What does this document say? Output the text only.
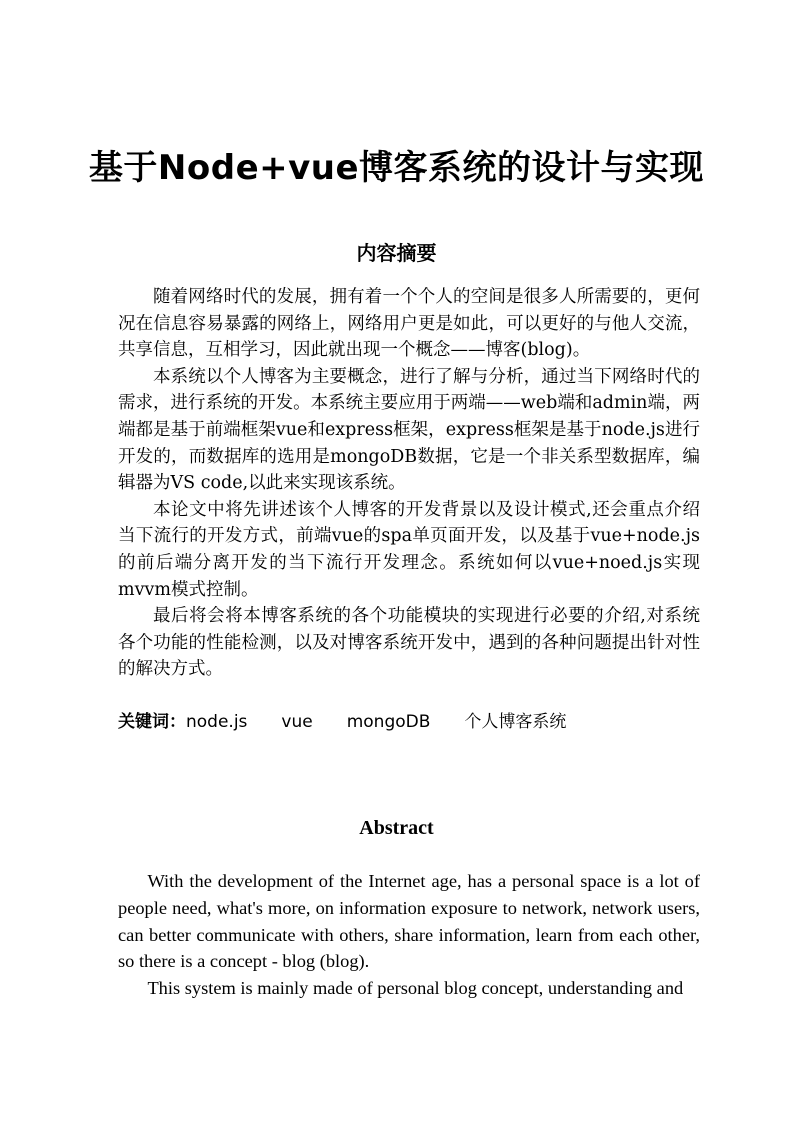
基于Node+vue博客系统的设计与实现
内容摘要

随着网络时代的发展，拥有着一个个人的空间是很多人所需要的，更何况在信息容易暴露的网络上，网络用户更是如此，可以更好的与他人交流，共享信息，互相学习，因此就出现一个概念——博客(blog)。

本系统以个人博客为主要概念，进行了解与分析，通过当下网络时代的需求，进行系统的开发。本系统主要应用于两端——web端和admin端，两端都是基于前端框架vue和express框架，express框架是基于node.js进行开发的，而数据库的选用是mongoDB数据，它是一个非关系型数据库，编辑器为VS code,以此来实现该系统。

本论文中将先讲述该个人博客的开发背景以及设计模式,还会重点介绍当下流行的开发方式，前端vue的spa单页面开发，以及基于vue+node.js的前后端分离开发的当下流行开发理念。系统如何以vue+noed.js实现mvvm模式控制。

最后将会将本博客系统的各个功能模块的实现进行必要的介绍,对系统各个功能的性能检测，以及对博客系统开发中，遇到的各种问题提出针对性的解决方式。

关键词：node.js vue mongoDB 个人博客系统
Abstract

With the development of the Internet age, has a personal space is a lot of people need, what's more, on information exposure to network, network users, can better communicate with others, share information, learn from each other, so there is a concept - blog (blog).

This system is mainly made of personal blog concept, understanding and
